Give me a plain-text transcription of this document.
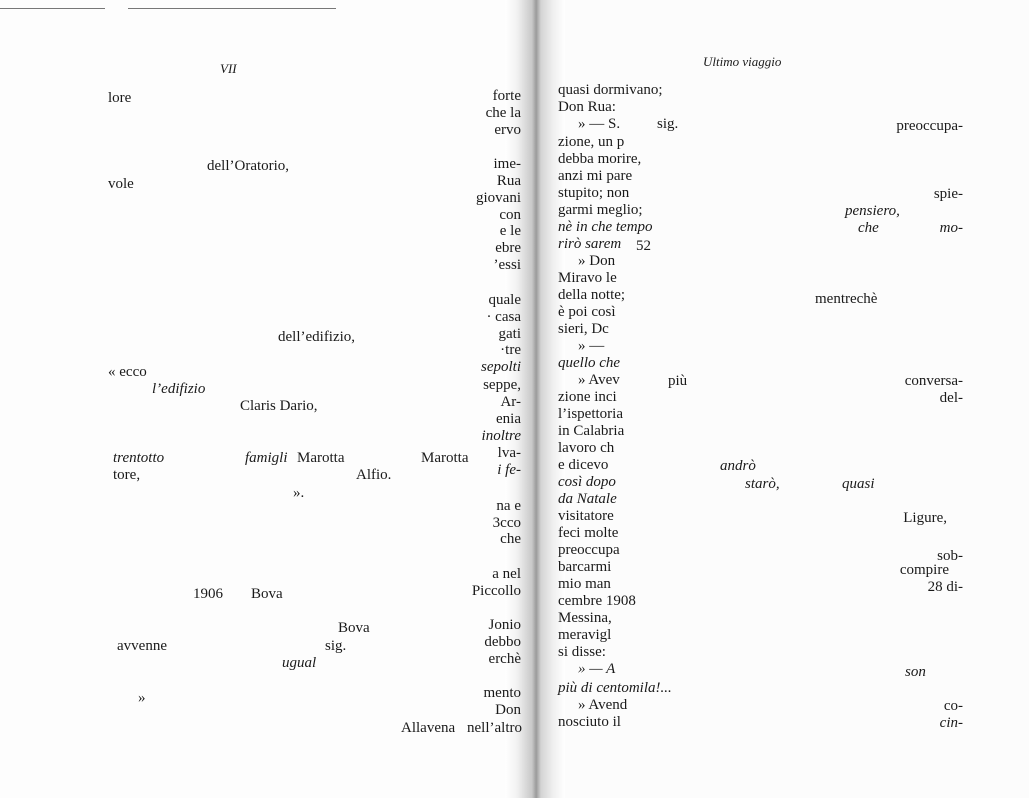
VII
lore
dell’Oratorio,
vole
dell’edifizio,
« ecco
l’edifizio
Claris Dario,
trentotto	famigli Marotta	Marotta
tore,	Alfio.
».
1906 Bova
Bova
avvenne	sig.
ugual
»
Allavena nell’altro
forte
che la
ervo
ime-
Rua
giovani
con
e le
ebre
’essi
quale
· casa
gati
·tre
sepolti
seppe,
Ar-
enia
inoltre
lva-
i fe-
na e
3cco
che
a nel
Piccollo
Jonio
debbo
erchè
mento
Don
Ultimo viaggio
quasi dormivano;
Don Rua:
» — S. sig.	preoccupa-
zione, un p
debba morire,
anzi mi pare
stupito; non	spie-
garmi meglio;	pensiero,
nè in che tempo	che	mo-
rirò sarem 52
» Don
Miravo le
della notte;	mentrechè
è poi così
sieri, Dc
» —
quello che
» Avev	più	conversa-
zione inci	del-
l’ispettoria
in Calabria
lavoro ch
e dicevo	andrò
così dopo	starò,	quasi
da Natale
visitatore	Ligure,
feci molte
preoccupa	sob-
barcarmi	compire
mio man	28 di-
cembre 1908
Messina,
meravigl
si disse:
» — A	son
più di centomila!...
» Avend	co-
nosciuto il	cin-
